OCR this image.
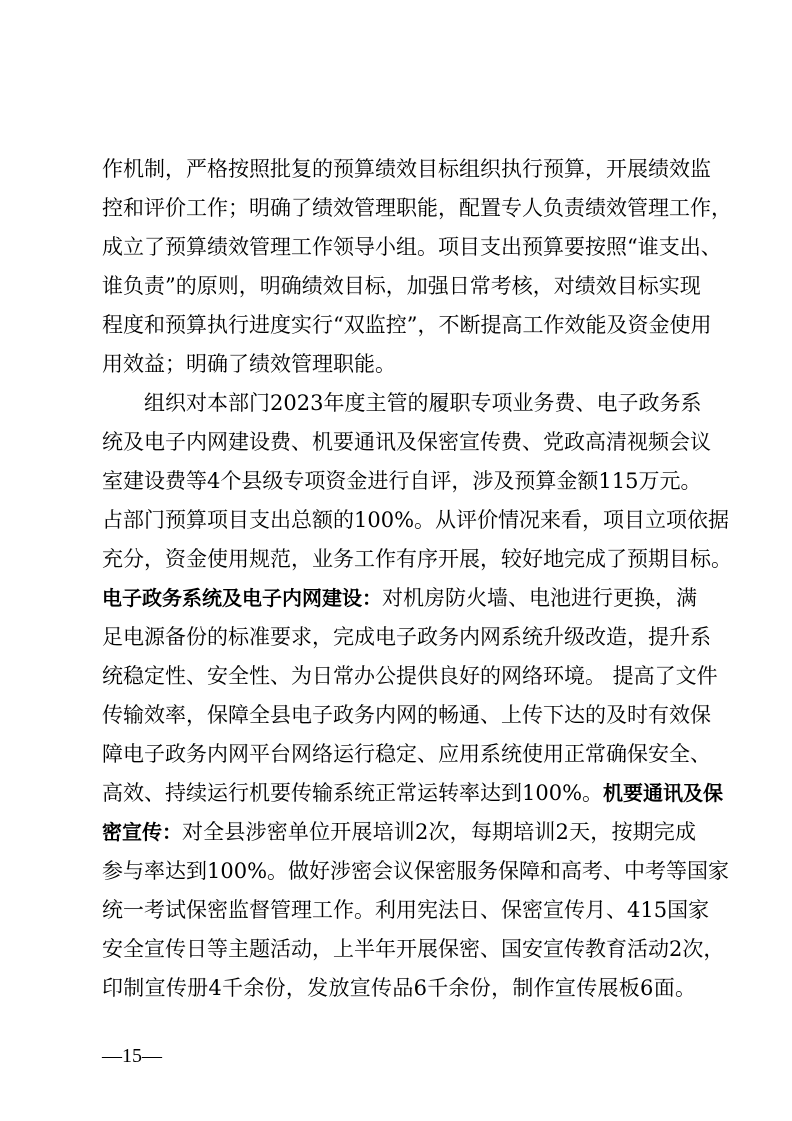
作机制，严格按照批复的预算绩效目标组织执行预算，开展绩效监
控和评价工作；明确了绩效管理职能，配置专人负责绩效管理工作，
成立了预算绩效管理工作领导小组。项目支出预算要按照“谁支出、
谁负责”的原则，明确绩效目标，加强日常考核，对绩效目标实现
程度和预算执行进度实行“双监控”，不断提高工作效能及资金使用
用效益；明确了绩效管理职能。
组织对本部门2023年度主管的履职专项业务费、电子政务系
统及电子内网建设费、机要通讯及保密宣传费、党政高清视频会议
室建设费等4个县级专项资金进行自评，涉及预算金额115万元。
占部门预算项目支出总额的100%。从评价情况来看，项目立项依据
充分，资金使用规范，业务工作有序开展，较好地完成了预期目标。
电子政务系统及电子内网建设： 对机房防火墙、电池进行更换，满
足电源备份的标准要求，完成电子政务内网系统升级改造，提升系
统稳定性、安全性、为日常办公提供良好的网络环境。 提高了文件
传输效率，保障全县电子政务内网的畅通、上传下达的及时有效保
障电子政务内网平台网络运行稳定、应用系统使用正常确保安全、
高效、持续运行机要传输系统正常运转率达到100%。 机要通讯及保
密宣传： 对全县涉密单位开展培训2次，每期培训2天，按期完成
参与率达到100%。做好涉密会议保密服务保障和高考、中考等国家
统一考试保密监督管理工作。利用宪法日、保密宣传月、415国家
安全宣传日等主题活动，上半年开展保密、国安宣传教育活动2次，
印制宣传册4千余份，发放宣传品6千余份，制作宣传展板6面。
—15—
